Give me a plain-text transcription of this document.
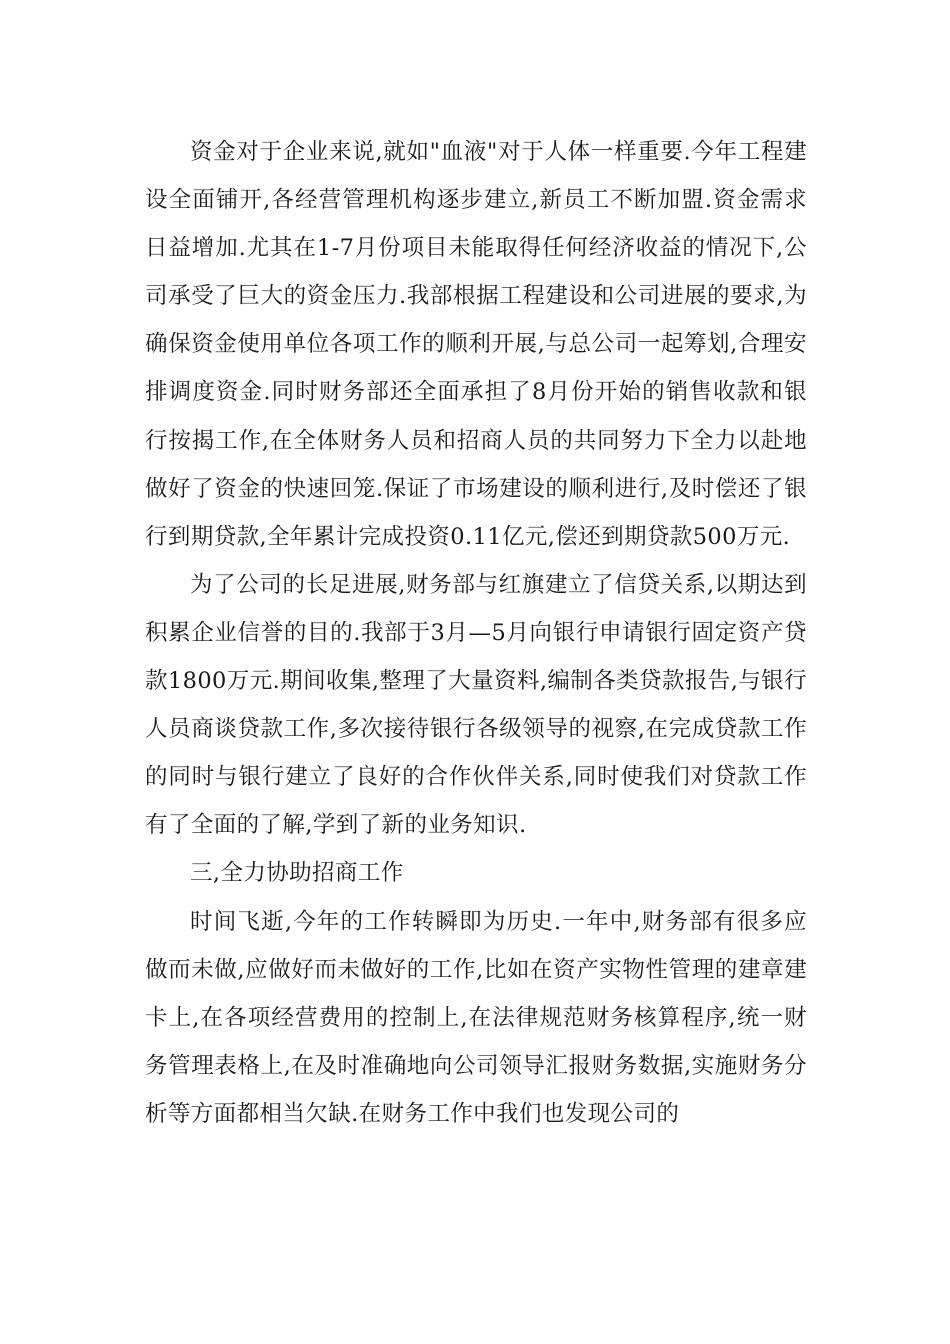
资金对于企业来说,就如"血液"对于人体一样重要.今年工程建设全面铺开,各经营管理机构逐步建立,新员工不断加盟.资金需求日益增加.尤其在1-7月份项目未能取得任何经济收益的情况下,公司承受了巨大的资金压力.我部根据工程建设和公司进展的要求,为确保资金使用单位各项工作的顺利开展,与总公司一起筹划,合理安排调度资金.同时财务部还全面承担了8月份开始的销售收款和银行按揭工作,在全体财务人员和招商人员的共同努力下全力以赴地做好了资金的快速回笼.保证了市场建设的顺利进行,及时偿还了银行到期贷款,全年累计完成投资0.11亿元,偿还到期贷款500万元.

为了公司的长足进展,财务部与红旗建立了信贷关系,以期达到积累企业信誉的目的.我部于3月—5月向银行申请银行固定资产贷款1800万元.期间收集,整理了大量资料,编制各类贷款报告,与银行人员商谈贷款工作,多次接待银行各级领导的视察,在完成贷款工作的同时与银行建立了良好的合作伙伴关系,同时使我们对贷款工作有了全面的了解,学到了新的业务知识.

三,全力协助招商工作

时间飞逝,今年的工作转瞬即为历史.一年中,财务部有很多应做而未做,应做好而未做好的工作,比如在资产实物性管理的建章建卡上,在各项经营费用的控制上,在法律规范财务核算程序,统一财务管理表格上,在及时准确地向公司领导汇报财务数据,实施财务分析等方面都相当欠缺.在财务工作中我们也发现公司的
